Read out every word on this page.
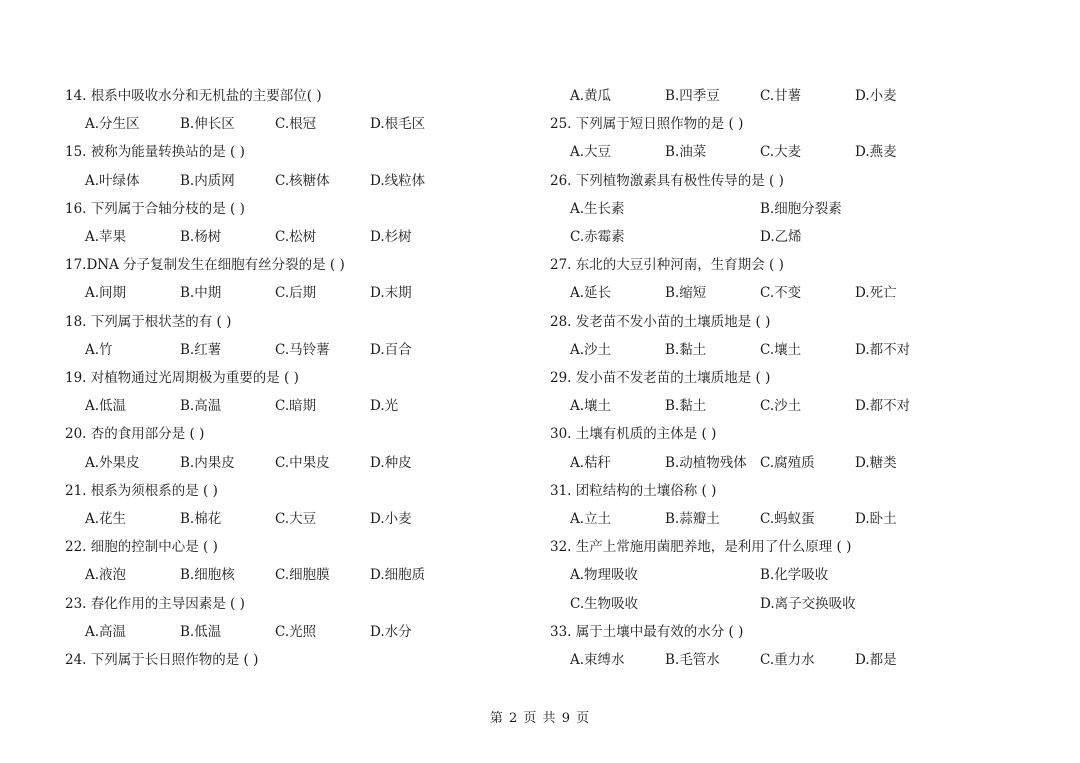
14. 根系中吸收水分和无机盐的主要部位( )
A.分生区	B.伸长区	C.根冠	D.根毛区
15. 被称为能量转换站的是 ( )
A.叶绿体	B.内质网	C.核糖体	D.线粒体
16. 下列属于合轴分枝的是 ( )
A.苹果	B.杨树	C.松树	D.杉树
17.DNA 分子复制发生在细胞有丝分裂的是 ( )
A.间期	B.中期	C.后期	D.末期
18. 下列属于根状茎的有 ( )
A.竹	B.红薯	C.马铃薯	D.百合
19. 对植物通过光周期极为重要的是 ( )
A.低温	B.高温	C.暗期	D.光
20. 杏的食用部分是 ( )
A.外果皮	B.内果皮	C.中果皮	D.种皮
21. 根系为须根系的是 ( )
A.花生	B.棉花	C.大豆	D.小麦
22. 细胞的控制中心是 ( )
A.液泡	B.细胞核	C.细胞膜	D.细胞质
23. 春化作用的主导因素是 ( )
A.高温	B.低温	C.光照	D.水分
24. 下列属于长日照作物的是 ( )
A.黄瓜	B.四季豆	C.甘薯	D.小麦
25. 下列属于短日照作物的是 ( )
A.大豆	B.油菜	C.大麦	D.燕麦
26. 下列植物激素具有极性传导的是 ( )
A.生长素	B.细胞分裂素
C.赤霉素	D.乙烯
27. 东北的大豆引种河南，生育期会 ( )
A.延长	B.缩短	C.不变	D.死亡
28. 发老苗不发小苗的土壤质地是 ( )
A.沙土	B.黏土	C.壤土	D.都不对
29. 发小苗不发老苗的土壤质地是 ( )
A.壤土	B.黏土	C.沙土	D.都不对
30. 土壤有机质的主体是 ( )
A.秸秆	B.动植物残体 C.腐殖质	D.糖类
31. 团粒结构的土壤俗称 ( )
A.立土	B.蒜瓣土	C.蚂蚁蛋	D.卧土
32. 生产上常施用菌肥养地，是利用了什么原理 ( )
A.物理吸收	B.化学吸收
C.生物吸收	D.离子交换吸收
33. 属于土壤中最有效的水分 ( )
A.束缚水	B.毛管水	C.重力水	D.都是
第 2 页 共 9 页
